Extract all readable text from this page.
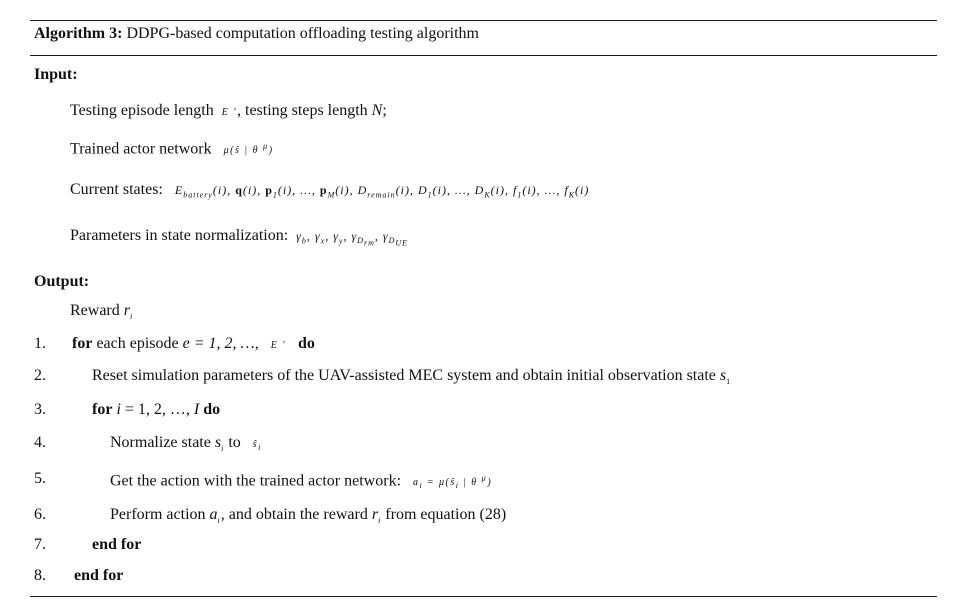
Algorithm 3: DDPG-based computation offloading testing algorithm
Input:
Testing episode length  E ', testing steps length N;
Trained actor network   μ(ŝ | θ $^\mu$)
Current states:   $E_{battery}(i)$, q(i), $p_1(i)$, …, $p_M(i)$, $D_{remain}(i)$, $D_1(i)$, …, $D_K(i)$, $f_1(i)$, …, $f_K(i)$
Parameters in state normalization:  $\gamma_b$, $\gamma_x$, $\gamma_y$, $\gamma_{D_{rm}}$, $\gamma_{D_{UE}}$
Output:
Reward $r_i$
1. for each episode e = 1, 2, …,   E '   do
2.	Reset simulation parameters of the UAV-assisted MEC system and obtain initial observation state $s_1$
3.	for i = 1, 2, …, I do
4.	Normalize state $s_i$ to   $ŝ_i$
5.	Get the action with the trained actor network:   $a_i$ = $\mu(ŝ_i$ | θ $^\mu$)
6.	Perform action $a_i$, and obtain the reward $r_i$ from equation (28)
7.	end for
8. end for
